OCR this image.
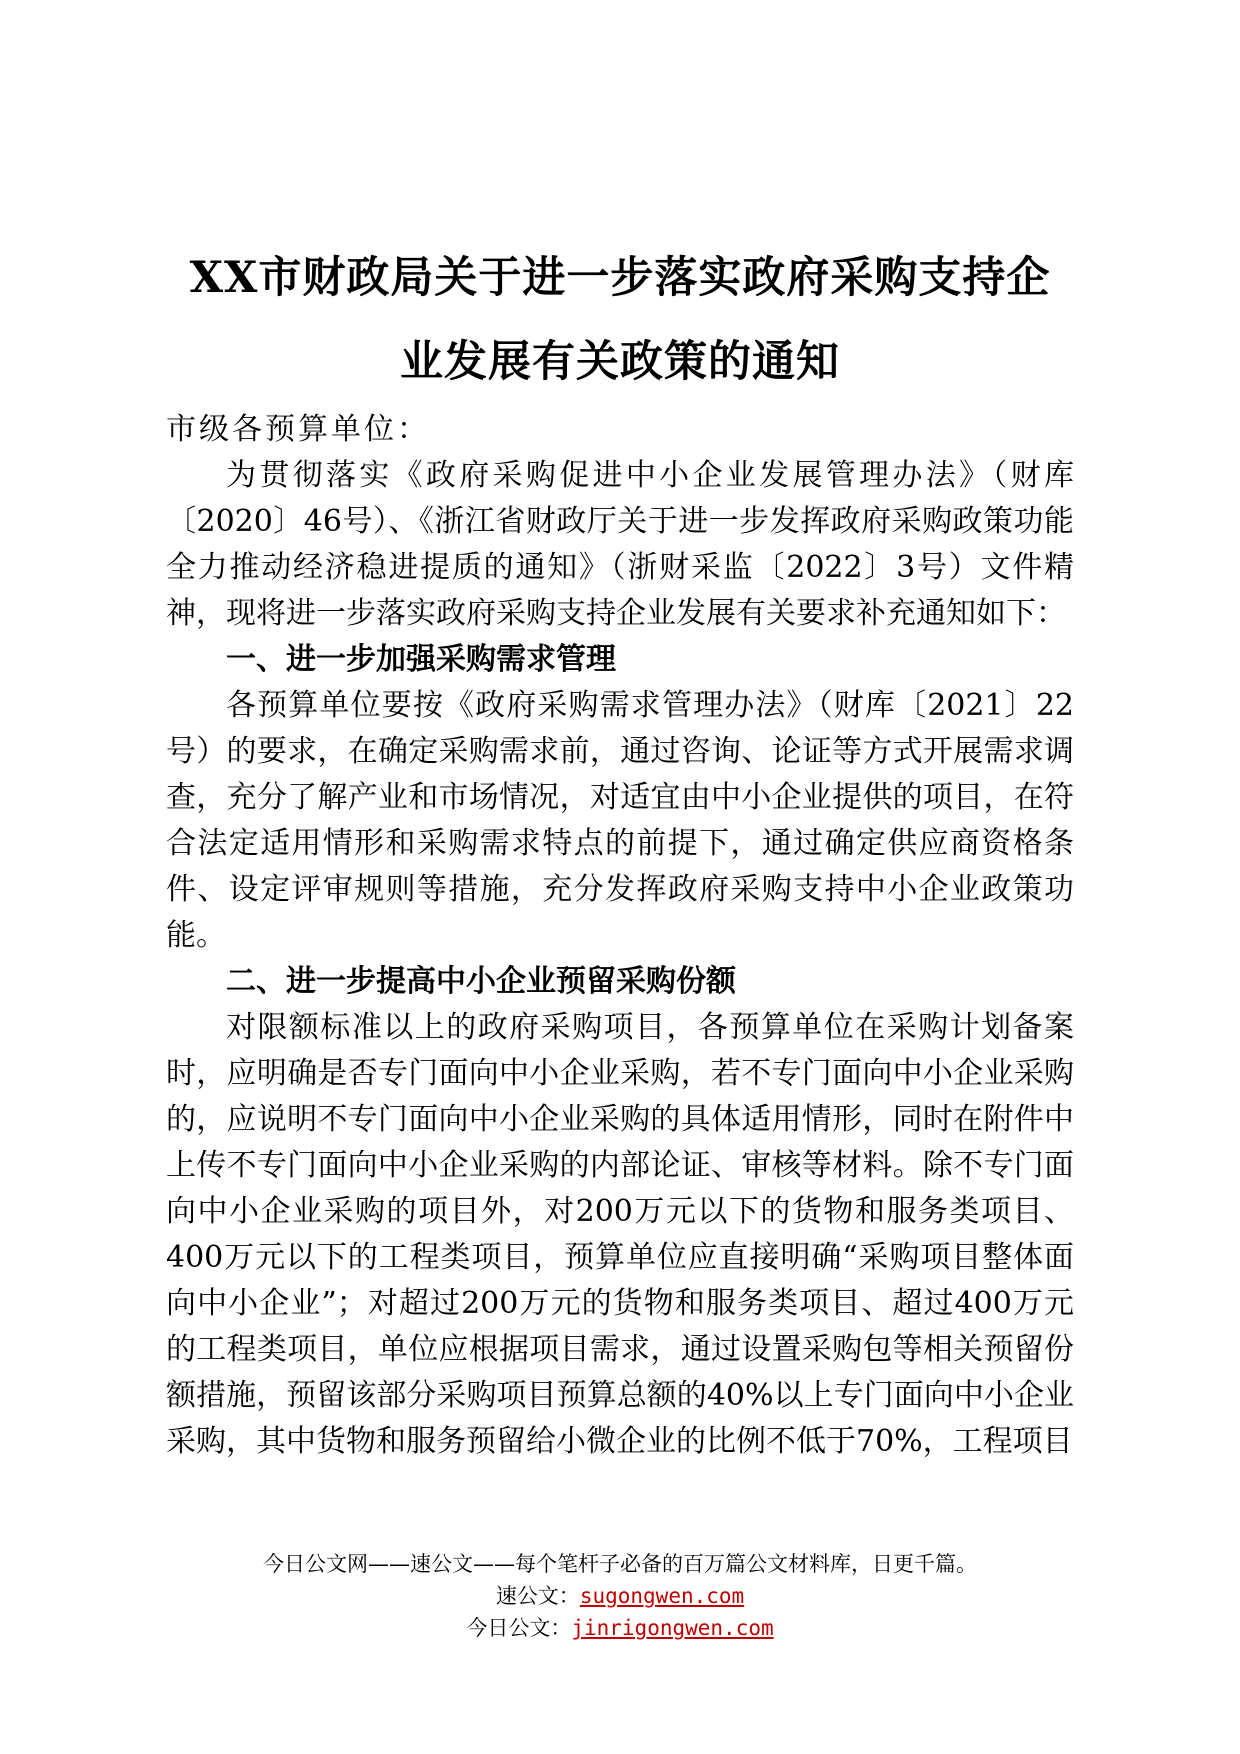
XX市财政局关于进一步落实政府采购支持企
业发展有关政策的通知

市级各预算单位：

为贯彻落实《政府采购促进中小企业发展管理办法》（财库〔2020〕46号）、《浙江省财政厅关于进一步发挥政府采购政策功能全力推动经济稳进提质的通知》（浙财采监〔2022〕3号）文件精神，现将进一步落实政府采购支持企业发展有关要求补充通知如下：

一、进一步加强采购需求管理

各预算单位要按《政府采购需求管理办法》（财库〔2021〕22号）的要求，在确定采购需求前，通过咨询、论证等方式开展需求调查，充分了解产业和市场情况，对适宜由中小企业提供的项目，在符合法定适用情形和采购需求特点的前提下，通过确定供应商资格条件、设定评审规则等措施，充分发挥政府采购支持中小企业政策功能。

二、进一步提高中小企业预留采购份额

对限额标准以上的政府采购项目，各预算单位在采购计划备案时，应明确是否专门面向中小企业采购，若不专门面向中小企业采购的，应说明不专门面向中小企业采购的具体适用情形，同时在附件中上传不专门面向中小企业采购的内部论证、审核等材料。除不专门面向中小企业采购的项目外，对200万元以下的货物和服务类项目、400万元以下的工程类项目，预算单位应直接明确“采购项目整体面向中小企业”；对超过200万元的货物和服务类项目、超过400万元的工程类项目，单位应根据项目需求，通过设置采购包等相关预留份额措施，预留该部分采购项目预算总额的40%以上专门面向中小企业采购，其中货物和服务预留给小微企业的比例不低于70%，工程项目

今日公文网——速公文——每个笔杆子必备的百万篇公文材料库，日更千篇。
速公文：sugongwen.com
今日公文：jinrigongwen.com
